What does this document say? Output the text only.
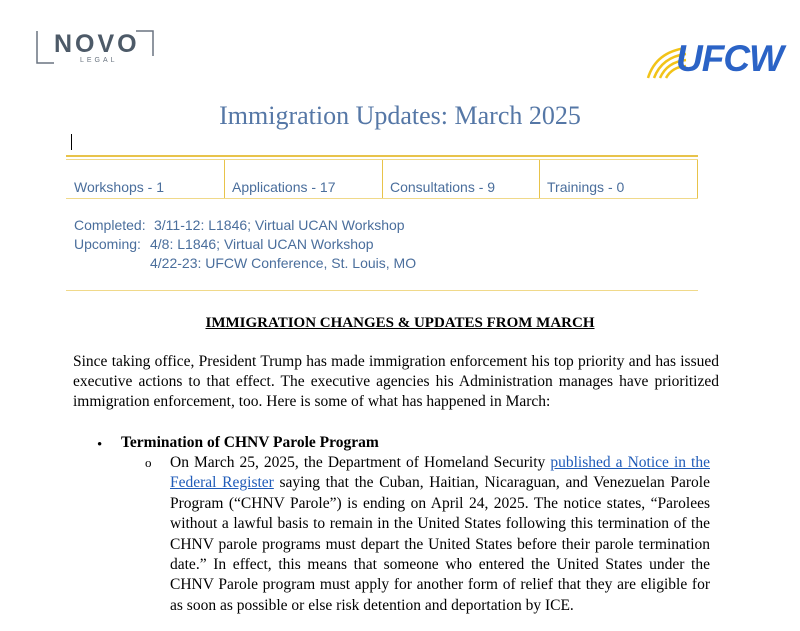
NOVO
LEGAL	UFCW
Immigration Updates: March 2025
Workshops - 1	Applications - 17	Consultations - 9	Trainings - 0
Completed: 3/11-12: L1846; Virtual UCAN Workshop
Upcoming: 4/8: L1846; Virtual UCAN Workshop
4/22-23: UFCW Conference, St. Louis, MO
IMMIGRATION CHANGES & UPDATES FROM MARCH
Since taking office, President Trump has made immigration enforcement his top priority and has issued executive actions to that effect. The executive agencies his Administration manages have prioritized immigration enforcement, too. Here is some of what has happened in March:
• Termination of CHNV Parole Program
o On March 25, 2025, the Department of Homeland Security published a Notice in the Federal Register saying that the Cuban, Haitian, Nicaraguan, and Venezuelan Parole Program (“CHNV Parole”) is ending on April 24, 2025. The notice states, “Parolees without a lawful basis to remain in the United States following this termination of the CHNV parole programs must depart the United States before their parole termination date.” In effect, this means that someone who entered the United States under the CHNV Parole program must apply for another form of relief that they are eligible for as soon as possible or else risk detention and deportation by ICE.
